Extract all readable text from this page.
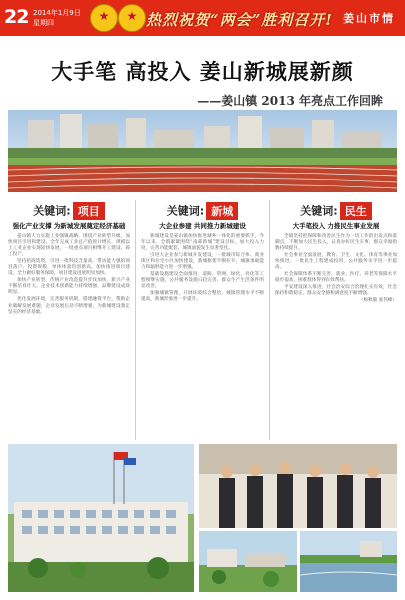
22 2014年1月9日
星期四	★	★ 热烈祝贺“两会”胜利召开! 姜山市情
大手笔 高投入 姜山新城展新颜
——姜山镇 2013 年亮点工作回眸
关键词: 项目
强化产业支撑 为新城发展奠定经济基础

姜山镇大力实施工业强镇战略，围绕产业转型升级，加快项目引进和建设，全年完成工业总产值预计增长，规模以上工业企业实现较快发展，一批重点项目相继开工建设、竣工投产。

坚持招商选资，引进一批科技含量高、带动能力强的项目落户，投资规模、单体体量均创新高。加快推进项目建设，全力做好服务保障，项目建设进度明显加快。

加快产业转型，传统产业改造提升步伐加快，新兴产业不断培育壮大，企业技术创新能力持续增强，品牌建设成效明显。

优化发展环境，完善服务机制，搭建融资平台，帮助企业破解发展难题，企业发展后劲不断增强，为新城建设奠定坚实的经济基础。

关键词: 新城
大企业参建 共同推力新城建设

新城建设是姜山镇加快推进城乡一体化的重要抓手，今年以来，全镇紧紧围绕“南部新城”建设目标，加大投入力度，完善功能配套，城镇面貌发生显著变化。

引进大企业参与新城开发建设，一批城市综合体、商业街区和住宅小区加快建设，新城框架不断拉开，城镇承载能力和辐射能力进一步增强。

基础设施建设全面推进，道路、管网、绿化、亮化等工程相继实施，公共服务设施日趋完善，群众生产生活条件明显改善。

加强城镇管理，开展环境综合整治，城镇管理水平不断提高，新城形象进一步提升。

关键词: 民生
大手笔投入 力推民生事业发展

全镇坚持把保障和改善民生作为一切工作的出发点和落脚点，不断加大民生投入，认真办好民生实事，群众幸福指数持续提升。

社会事业全面发展，教育、卫生、文化、体育等事业加快推进，一批民生工程建成投用，公共服务水平进一步提高。

社会保障体系不断完善，就业、医疗、养老等保障水平稳步提高，困难群体得到有效帮扶。

平安建设深入推进，社会治安综合治理扎实有效，社会保持和谐稳定，群众安全感和满意度不断增强。

（杨秋敏 张伟峰）
